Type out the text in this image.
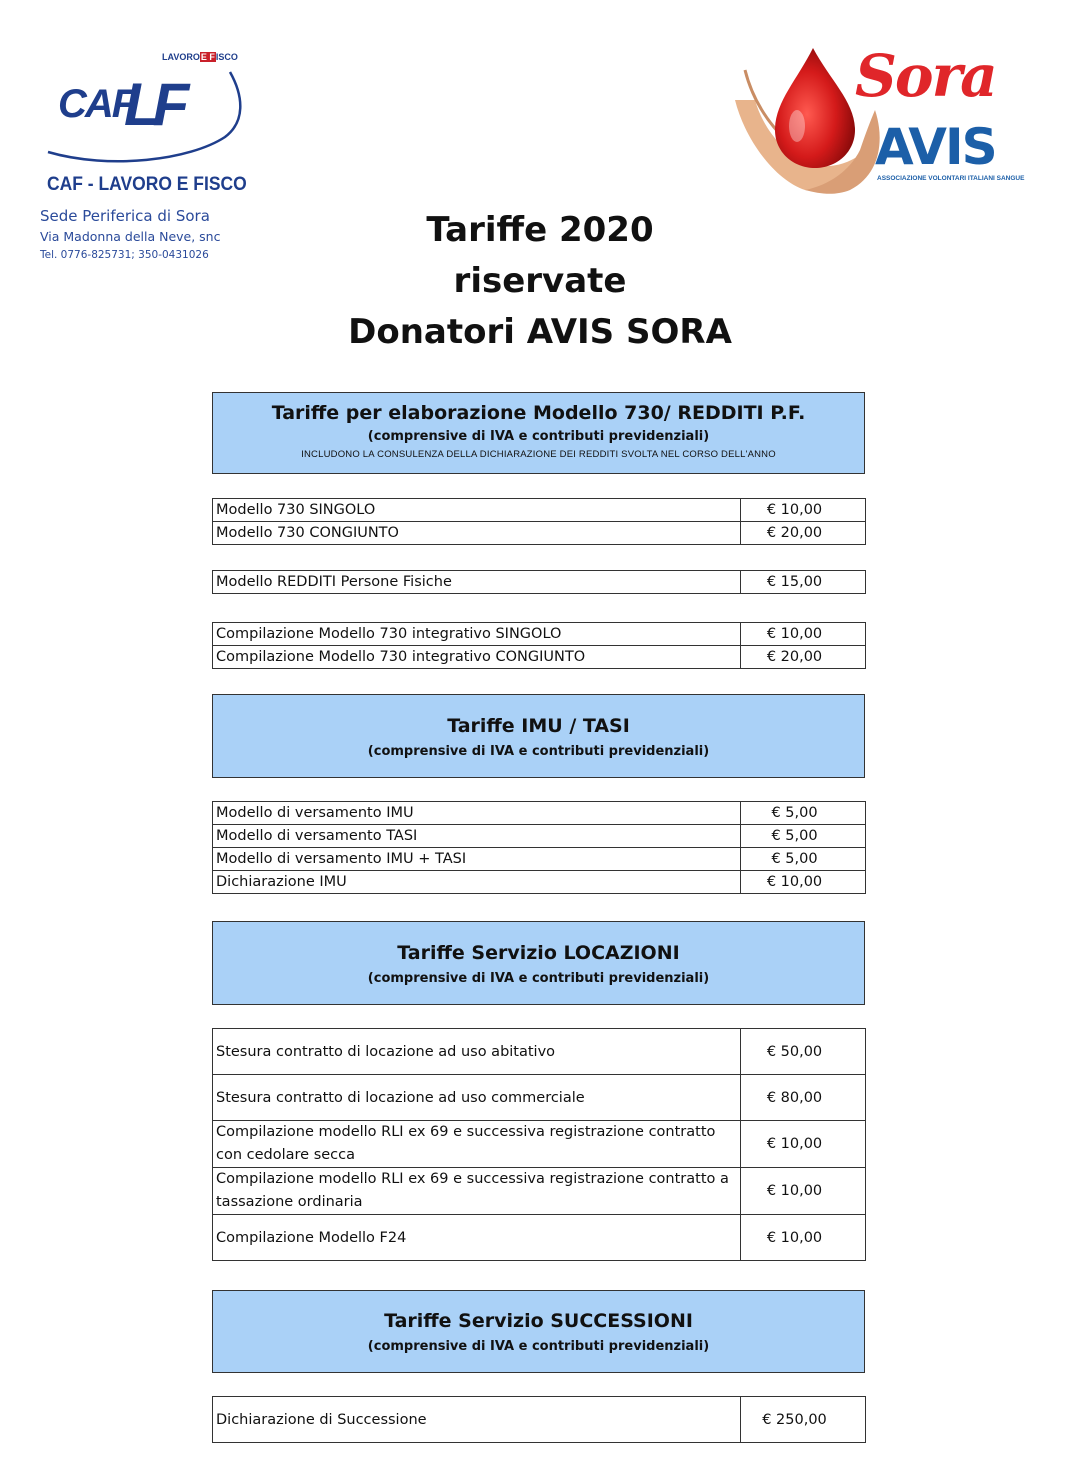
LAVOROE FISCO
CAF
LF
CAF - LAVORO E FISCO
Sede Periferica di Sora
Via Madonna della Neve, snc
Tel. 0776-825731; 350-0431026
Sora
AVIS
ASSOCIAZIONE VOLONTARI ITALIANI SANGUE
Tariffe 2020
riservate
Donatori AVIS SORA
Tariffe per elaborazione Modello 730/ REDDITI P.F.
(comprensive di IVA e contributi previdenziali)
INCLUDONO LA CONSULENZA DELLA DICHIARAZIONE DEI REDDITI SVOLTA NEL CORSO DELL'ANNO
Modello 730 SINGOLO	€ 10,00
Modello 730 CONGIUNTO	€ 20,00
Modello REDDITI Persone Fisiche	€ 15,00
Compilazione Modello 730 integrativo SINGOLO	€ 10,00
Compilazione Modello 730 integrativo CONGIUNTO	€ 20,00
Tariffe IMU / TASI
(comprensive di IVA e contributi previdenziali)
Modello di versamento IMU	€ 5,00
Modello di versamento TASI	€ 5,00
Modello di versamento IMU + TASI	€ 5,00
Dichiarazione IMU	€ 10,00
Tariffe Servizio LOCAZIONI
(comprensive di IVA e contributi previdenziali)
Stesura contratto di locazione ad uso abitativo	€ 50,00
Stesura contratto di locazione ad uso commerciale	€ 80,00
Compilazione modello RLI ex 69 e successiva registrazione contratto con cedolare secca	€ 10,00
Compilazione modello RLI ex 69 e successiva registrazione contratto a tassazione ordinaria	€ 10,00
Compilazione Modello F24	€ 10,00
Tariffe Servizio SUCCESSIONI
(comprensive di IVA e contributi previdenziali)
Dichiarazione di Successione	€ 250,00
